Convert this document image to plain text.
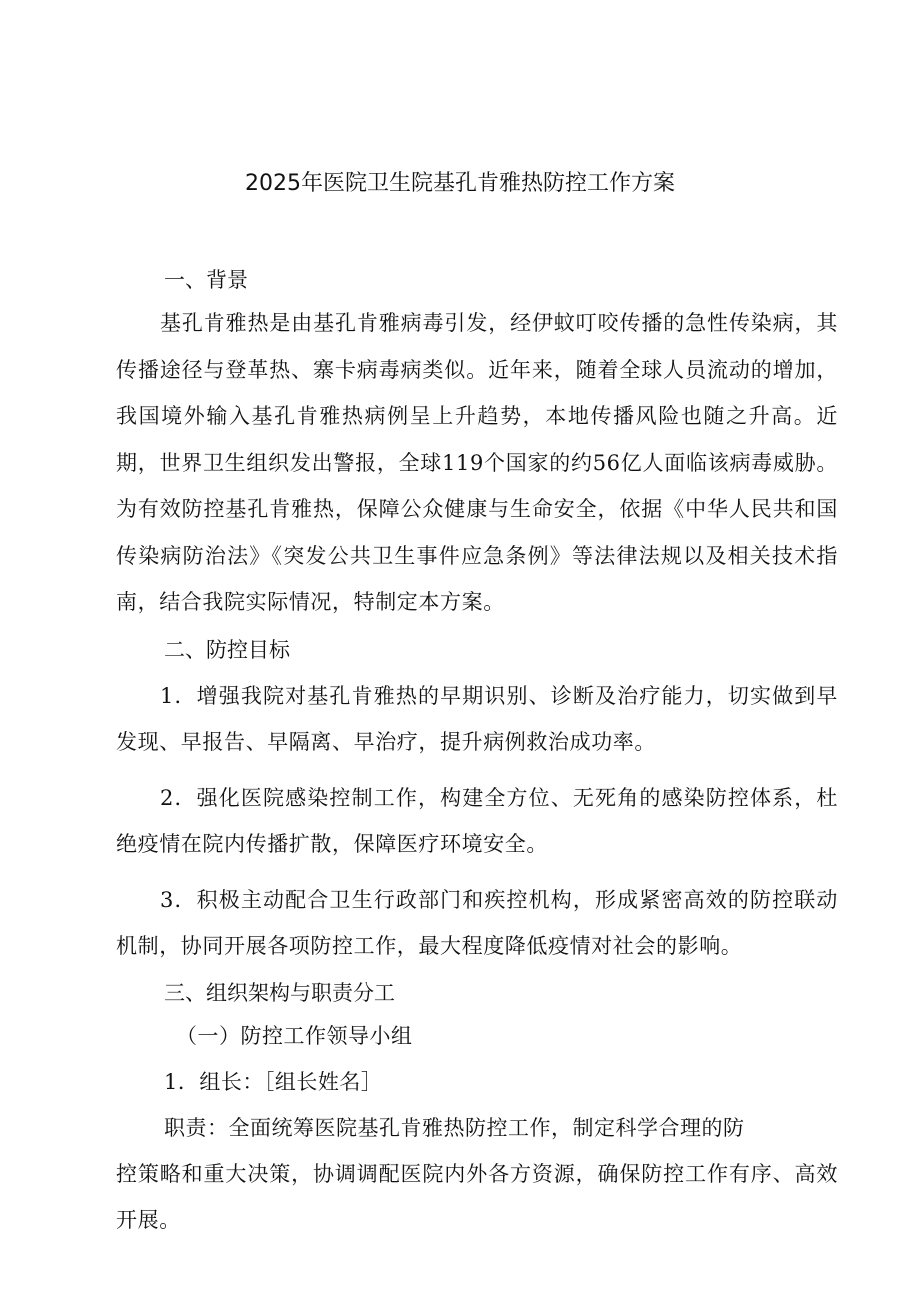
2025年医院卫生院基孔肯雅热防控工作方案
一、背景

基孔肯雅热是由基孔肯雅病毒引发，经伊蚊叮咬传播的急性传染病，其传播途径与登革热、寨卡病毒病类似。近年来，随着全球人员流动的增加，我国境外输入基孔肯雅热病例呈上升趋势，本地传播风险也随之升高。近期，世界卫生组织发出警报，全球119个国家的约56亿人面临该病毒威胁。为有效防控基孔肯雅热，保障公众健康与生命安全，依据《中华人民共和国传染病防治法》《突发公共卫生事件应急条例》等法律法规以及相关技术指南，结合我院实际情况，特制定本方案。

二、防控目标

1．增强我院对基孔肯雅热的早期识别、诊断及治疗能力，切实做到早发现、早报告、早隔离、早治疗，提升病例救治成功率。

2．强化医院感染控制工作，构建全方位、无死角的感染防控体系，杜绝疫情在院内传播扩散，保障医疗环境安全。

3．积极主动配合卫生行政部门和疾控机构，形成紧密高效的防控联动机制，协同开展各项防控工作，最大程度降低疫情对社会的影响。

三、组织架构与职责分工

（一）防控工作领导小组

1．组长：［组长姓名］

职责：全面统筹医院基孔肯雅热防控工作，制定科学合理的防

控策略和重大决策，协调调配医院内外各方资源，确保防控工作有序、高效开展。
